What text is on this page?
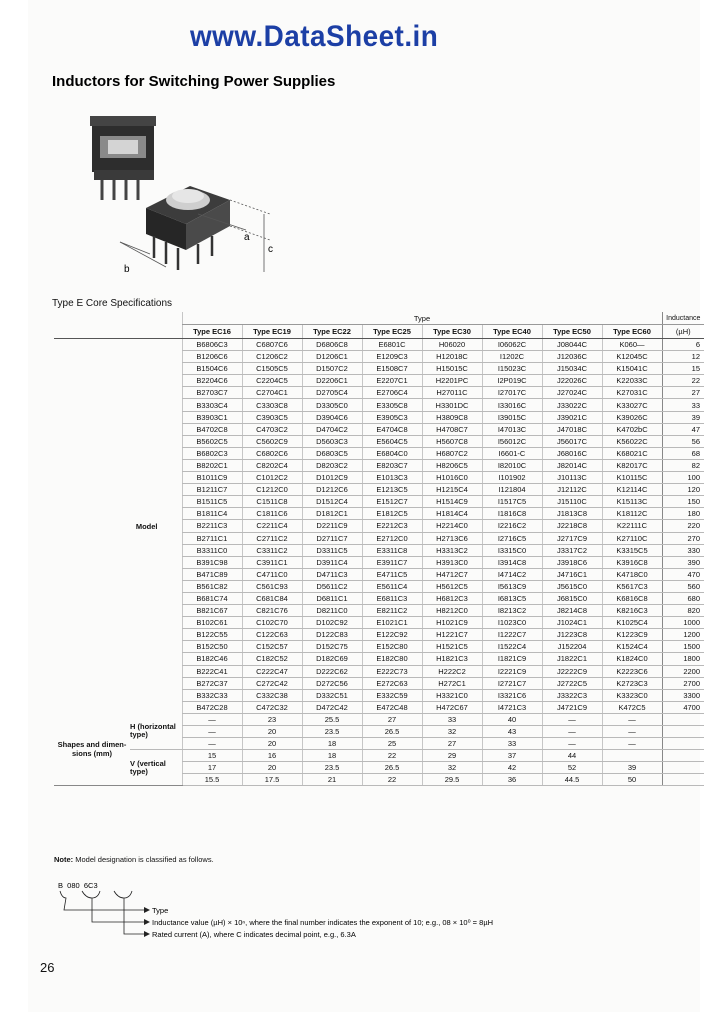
www.DataSheet.in
Inductors for Switching Power Supplies
a
c
b
Type E Core Specifications
		Type								Inductance
		Type EC16	Type EC19	Type EC22	Type EC25	Type EC30	Type EC40	Type EC50	Type EC60	(µH)
Model		B6806C3	C6807C6	D6806C8	E6801C	H06020	I06062C	J08044C	K060—	6
		B1206C6	C1206C2	D1206C1	E1209C3	H12018C	I1202C	J12036C	K12045C	12
		B1504C6	C1505C5	D1507C2	E1508C7	H15015C	I15023C	J15034C	K15041C	15
		B2204C6	C2204C5	D2206C1	E2207C1	H2201PC	I2P019C	J22026C	K22033C	22
		B2703C7	C2704C1	D2705C4	E2706C4	H27011C	I27017C	J27024C	K27031C	27
		B3303C4	C3303C8	D3305C0	E3305C8	H3301DC	I33016C	J33022C	K33027C	33
		B3903C1	C3903C5	D3904C6	E3905C3	H3809C8	I39015C	J39021C	K39026C	39
		B4702C8	C4703C2	D4704C2	E4704C8	H4708C7	I47013C	J47018C	K4702bC	47
		B5602C5	C5602C9	D5603C3	E5604C5	H5607C8	I56012C	J56017C	K56022C	56
		B6802C3	C6802C6	D6803C5	E6804C0	H6807C2	I6601‐C	J68016C	K68021C	68
		B8202C1	C8202C4	D8203C2	E8203C7	H8206C5	I82010C	J82014C	K82017C	82
		B1011C9	C1012C2	D1012C9	E1013C3	H1016C0	I101902	J10113C	K10115C	100
		B1211C7	C1212C0	D1212C6	E1213C5	H1215C4	I121804	J12112C	K12114C	120
		B1511C5	C1511C8	D1512C4	E1512C7	H1514C9	I1517C5	J15110C	K15113C	150
		B1811C4	C1811C6	D1812C1	E1812C5	H1814C4	I1816C8	J1813C8	K18112C	180
		B2211C3	C2211C4	D2211C9	E2212C3	H2214C0	I2216C2	J2218C8	K22111C	220
		B2711C1	C2711C2	D2711C7	E2712C0	H2713C6	I2716C5	J2717C9	K27110C	270
		B3311C0	C3311C2	D3311C5	E3311C8	H3313C2	I3315C0	J3317C2	K3315C5	330
		B391C98	C3911C1	D3911C4	E3911C7	H3913C0	I3914C8	J3918C6	K3916C8	390
		B471C89	C4711C0	D4711C3	E4711C5	H4712C7	I4714C2	J4716C1	K4718C0	470
		B561C82	C561C93	D5611C2	E5611C4	H5612C5	I5613C9	J5615C0	K5617C3	560
		B681C74	C681C84	D6811C1	E6811C3	H6812C3	I6813C5	J6815C0	K6816C8	680
		B821C67	C821C76	D8211C0	E8211C2	H8212C0	I8213C2	J8214C8	K8216C3	820
		B102C61	C102C70	D102C92	E1021C1	H1021C9	I1023C0	J1024C1	K1025C4	1000
		B122C55	C122C63	D122C83	E122C92	H1221C7	I1222C7	J1223C8	K1223C9	1200
		B152C50	C152C57	D152C75	E152C80	H1521C5	I1522C4	J152204	K1524C4	1500
		B182C46	C182C52	D182C69	E182C80	H1821C3	I1821C9	J1822C1	K1824C0	1800
		B222C41	C222C47	D222C62	E222C73	H222C2	I2221C9	J2222C9	K2223C6	2200
		B272C37	C272C42	D272C56	E272C63	H272C1	I2721C7	J2722C5	K2723C3	2700
		B332C33	C332C38	D332C51	E332C59	H3321C0	I3321C6	J3322C3	K3323C0	3300
		B472C28	C472C32	D472C42	E472C48	H472C67	I4721C3	J4721C9	K472C5	4700
Shapes and dimen-sions (mm)	H (horizontal type)	—	23	25.5	27	33	40	—	—	
		—	20	23.5	26.5	32	43	—	—	
		—	20	18	25	27	33	—	—	
	V (vertical type)	15	16	18	22	29	37	44		
		17	20	23.5	26.5	32	42	52	39	
		15.5	17.5	21	22	29.5	36	44.5	50	
Note: Model designation is classified as follows.
B  080  6C3
Type
Inductance value (µH) × 10ⁿ, where the final number indicates the exponent of 10; e.g., 08 × 10⁰ = 8µH
Rated current (A), where C indicates decimal point, e.g., 6.3A
26
